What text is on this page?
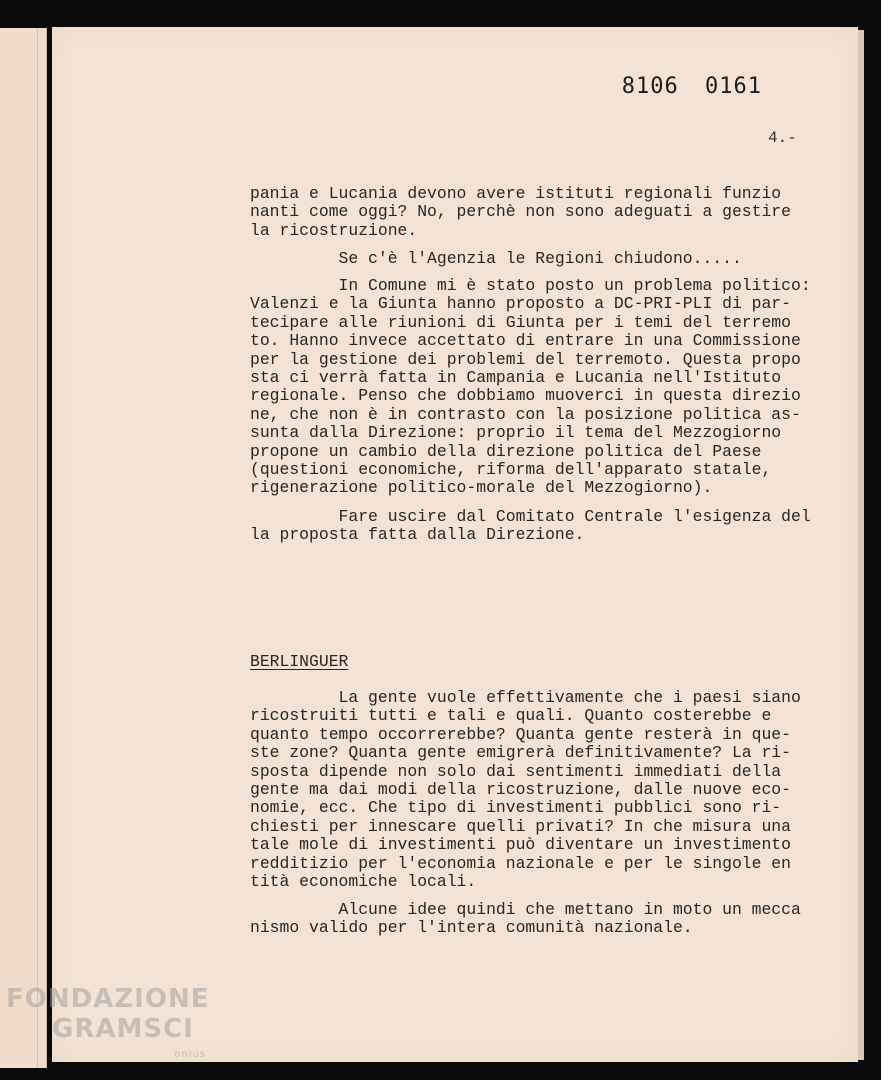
8106 0161
4.-

pania e Lucania devono avere istituti regionali funzio
nanti come oggi? No, perchè non sono adeguati a gestire
la ricostruzione.

Se c'è l'Agenzia le Regioni chiudono.....

In Comune mi è stato posto un problema politico:
Valenzi e la Giunta hanno proposto a DC-PRI-PLI di par-
tecipare alle riunioni di Giunta per i temi del terremo
to. Hanno invece accettato di entrare in una Commissione
per la gestione dei problemi del terremoto. Questa propo
sta ci verrà fatta in Campania e Lucania nell'Istituto
regionale. Penso che dobbiamo muoverci in questa direzio
ne, che non è in contrasto con la posizione politica as-
sunta dalla Direzione: proprio il tema del Mezzogiorno
propone un cambio della direzione politica del Paese
(questioni economiche, riforma dell'apparato statale,
rigenerazione politico-morale del Mezzogiorno).

Fare uscire dal Comitato Centrale l'esigenza del
la proposta fatta dalla Direzione.

BERLINGUER

La gente vuole effettivamente che i paesi siano
ricostruiti tutti e tali e quali. Quanto costerebbe e
quanto tempo occorrerebbe? Quanta gente resterà in que-
ste zone? Quanta gente emigrerà definitivamente? La ri-
sposta dipende non solo dai sentimenti immediati della
gente ma dai modi della ricostruzione, dalle nuove eco-
nomie, ecc. Che tipo di investimenti pubblici sono ri-
chiesti per innescare quelli privati? In che misura una
tale mole di investimenti può diventare un investimento
redditizio per l'economia nazionale e per le singole en
tità economiche locali.

Alcune idee quindi che mettano in moto un mecca
nismo valido per l'intera comunità nazionale.

FONDAZIONE
GRAMSCI
onlus
